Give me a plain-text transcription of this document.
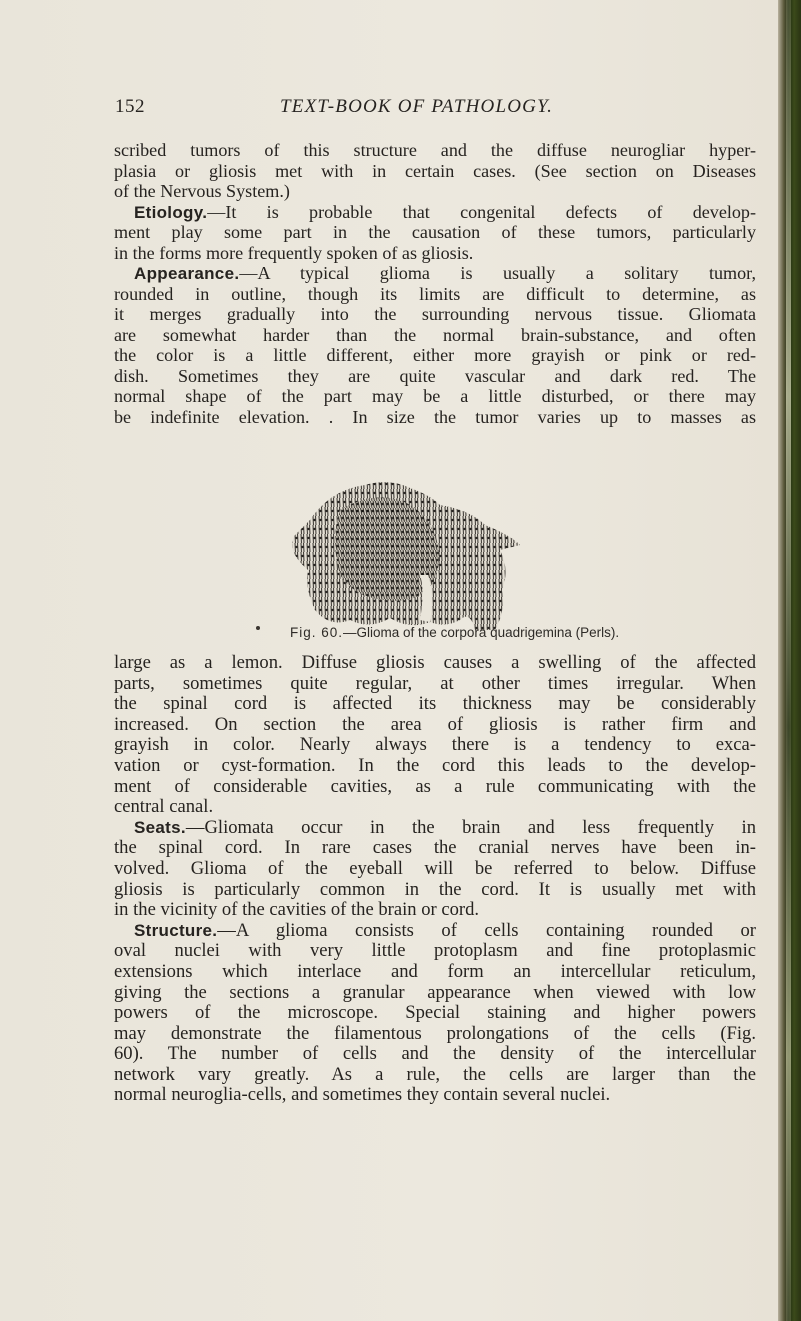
152	TEXT-BOOK OF PATHOLOGY.
scribed tumors of this structure and the diffuse neurogliar hyper-
plasia or gliosis met with in certain cases. (See section on Diseases
of the Nervous System.)
Etiology.—It is probable that congenital defects of develop-
ment play some part in the causation of these tumors, particularly
in the forms more frequently spoken of as gliosis.
Appearance.—A typical glioma is usually a solitary tumor,
rounded in outline, though its limits are difficult to determine, as
it merges gradually into the surrounding nervous tissue. Gliomata
are somewhat harder than the normal brain-substance, and often
the color is a little different, either more grayish or pink or red-
dish. Sometimes they are quite vascular and dark red. The
normal shape of the part may be a little disturbed, or there may
be indefinite elevation. . In size the tumor varies up to masses as
Fig. 60.—Glioma of the corpora quadrigemina (Perls).
large as a lemon. Diffuse gliosis causes a swelling of the affected
parts, sometimes quite regular, at other times irregular. When
the spinal cord is affected its thickness may be considerably
increased. On section the area of gliosis is rather firm and
grayish in color. Nearly always there is a tendency to exca-
vation or cyst-formation. In the cord this leads to the develop-
ment of considerable cavities, as a rule communicating with the
central canal.
Seats.—Gliomata occur in the brain and less frequently in
the spinal cord. In rare cases the cranial nerves have been in-
volved. Glioma of the eyeball will be referred to below. Diffuse
gliosis is particularly common in the cord. It is usually met with
in the vicinity of the cavities of the brain or cord.
Structure.—A glioma consists of cells containing rounded or
oval nuclei with very little protoplasm and fine protoplasmic
extensions which interlace and form an intercellular reticulum,
giving the sections a granular appearance when viewed with low
powers of the microscope. Special staining and higher powers
may demonstrate the filamentous prolongations of the cells (Fig.
60). The number of cells and the density of the intercellular
network vary greatly. As a rule, the cells are larger than the
normal neuroglia-cells, and sometimes they contain several nuclei.
